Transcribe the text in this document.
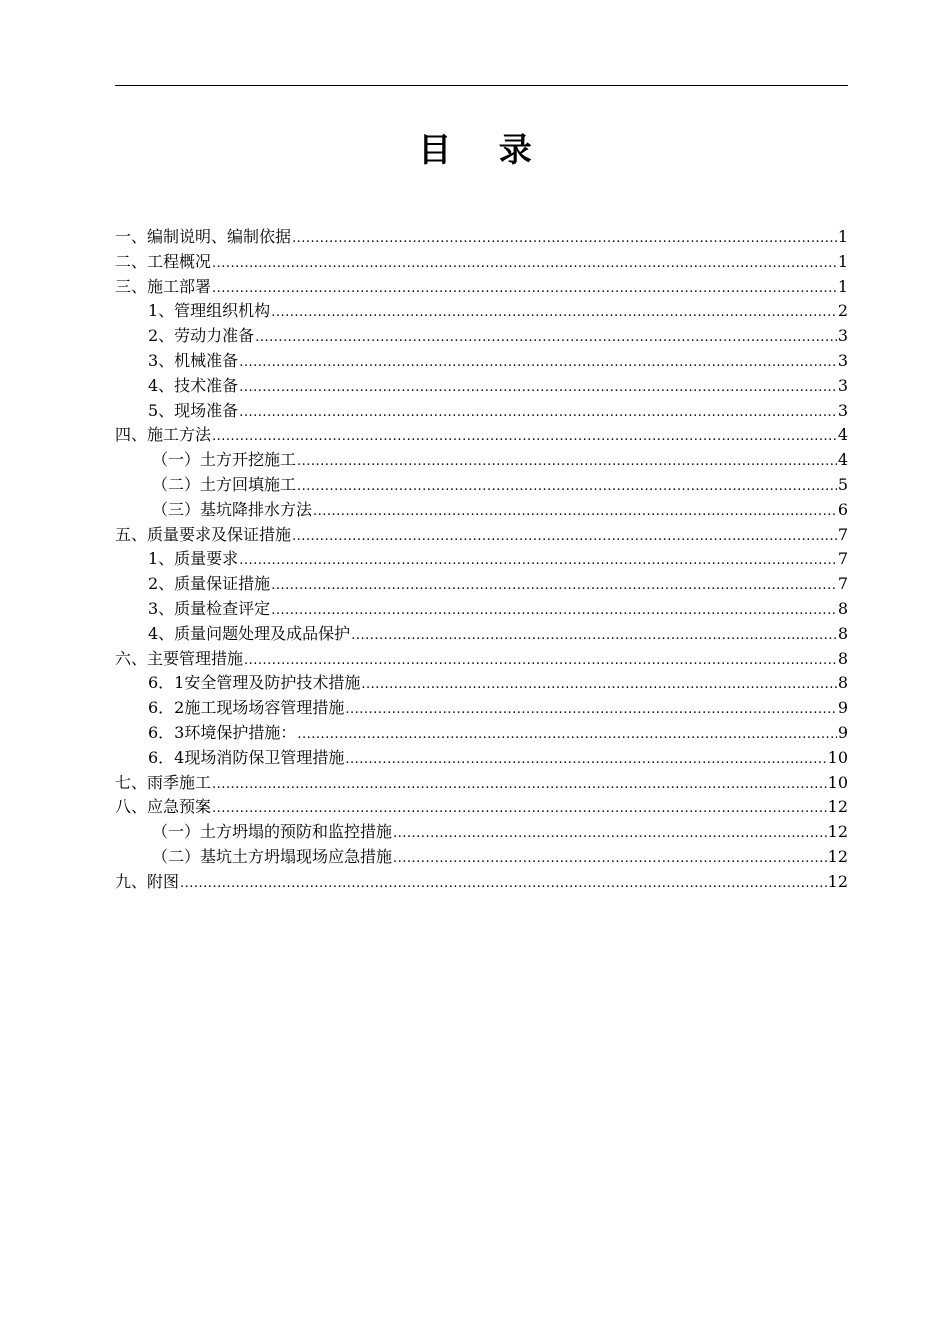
目 录
一、编制说明、编制依据 .....	1
二、工程概况 .....	1
三、施工部署 .....	1
1、管理组织机构 .....	2
2、劳动力准备 .....	3
3、机械准备 .....	3
4、技术准备 .....	3
5、现场准备 .....	3
四、施工方法 .....	4
（一）土方开挖施工 .....	4
（二）土方回填施工 .....	5
（三）基坑降排水方法 .....	6
五、质量要求及保证措施 .....	7
1、质量要求 .....	7
2、质量保证措施 .....	7
3、质量检查评定 .....	8
4、质量问题处理及成品保护 .....	8
六、主要管理措施 .....	8
6．1安全管理及防护技术措施 .....	8
6．2施工现场场容管理措施 .....	9
6．3环境保护措施： .....	9
6．4现场消防保卫管理措施 .....	10
七、雨季施工 .....	10
八、应急预案 .....	12
（一）土方坍塌的预防和监控措施 .....	12
（二）基坑土方坍塌现场应急措施 .....	12
九、附图 .....	12
